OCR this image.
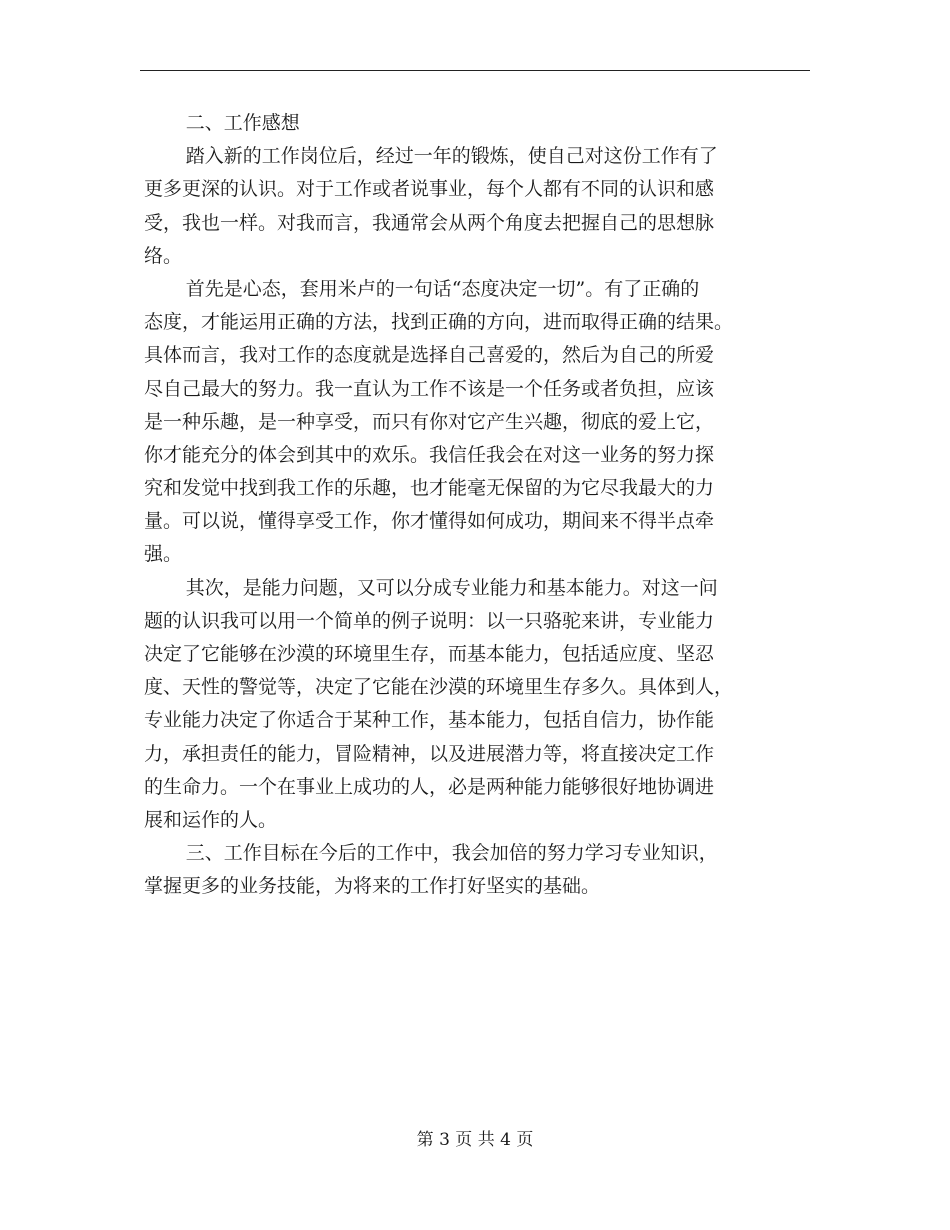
二、工作感想
踏入新的工作岗位后，经过一年的锻炼，使自己对这份工作有了
更多更深的认识。对于工作或者说事业，每个人都有不同的认识和感
受，我也一样。对我而言，我通常会从两个角度去把握自己的思想脉
络。
首先是心态，套用米卢的一句话“态度决定一切”。有了正确的
态度，才能运用正确的方法，找到正确的方向，进而取得正确的结果。
具体而言，我对工作的态度就是选择自己喜爱的，然后为自己的所爱
尽自己最大的努力。我一直认为工作不该是一个任务或者负担，应该
是一种乐趣，是一种享受，而只有你对它产生兴趣，彻底的爱上它，
你才能充分的体会到其中的欢乐。我信任我会在对这一业务的努力探
究和发觉中找到我工作的乐趣，也才能毫无保留的为它尽我最大的力
量。可以说，懂得享受工作，你才懂得如何成功，期间来不得半点牵
强。
其次，是能力问题，又可以分成专业能力和基本能力。对这一问
题的认识我可以用一个简单的例子说明：以一只骆驼来讲，专业能力
决定了它能够在沙漠的环境里生存，而基本能力，包括适应度、坚忍
度、天性的警觉等，决定了它能在沙漠的环境里生存多久。具体到人，
专业能力决定了你适合于某种工作，基本能力，包括自信力，协作能
力，承担责任的能力，冒险精神，以及进展潜力等，将直接决定工作
的生命力。一个在事业上成功的人，必是两种能力能够很好地协调进
展和运作的人。
三、工作目标在今后的工作中，我会加倍的努力学习专业知识，
掌握更多的业务技能，为将来的工作打好坚实的基础。
第 3 页 共 4 页
